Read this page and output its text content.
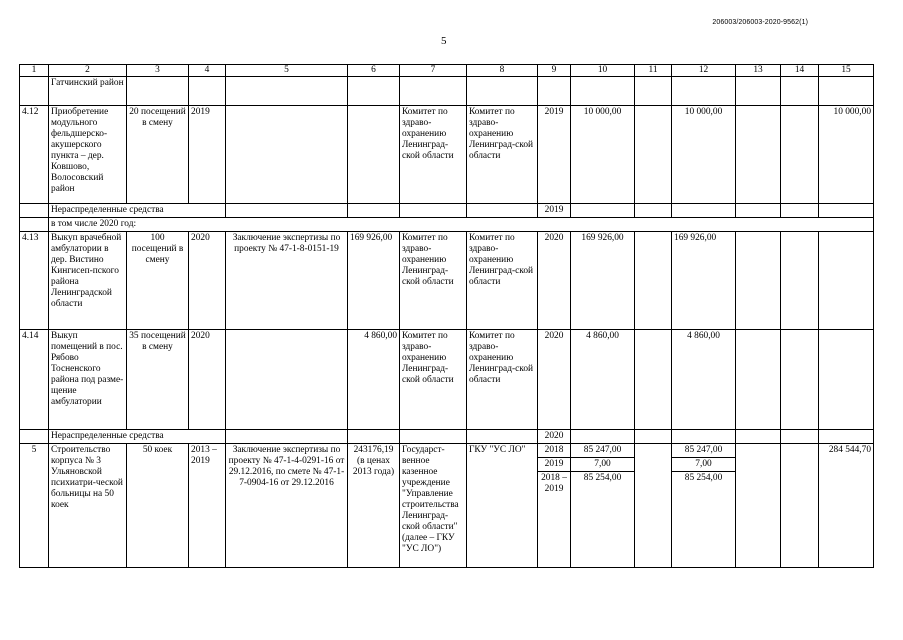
206003/206003-2020-9562(1)
5
1	2	3	4	5	6	7	8	9	10	11	12	13	14	15
	Гатчинский район													
4.12	Приобретение модульного фельдшерско-акушерского пункта – дер. Ковшово, Волосовский район	20 посещений в смену	2019			Комитет по здраво-охранению Ленинград-ской области	Комитет по здраво-охранению Ленинград-ской области	2019	10 000,00		10 000,00			10 000,00
	Нераспределенные средства							2019						
	в том числе 2020 год:													
4.13	Выкуп врачебной амбулатории в дер. Вистино Кингисеп-пского района Ленинградской области	100 посещений в смену	2020	Заключение экспертизы по проекту № 47-1-8-0151-19	169 926,00	Комитет по здраво-охранению Ленинград-ской области	Комитет по здраво-охранению Ленинград-ской области	2020	169 926,00		169 926,00			
4.14	Выкуп помещений в пос. Рябово Тосненского района под разме-щение амбулатории	35 посещений в смену	2020		4 860,00	Комитет по здраво-охранению Ленинград-ской области	Комитет по здраво-охранению Ленинград-ской области	2020	4 860,00		4 860,00			
	Нераспределенные средства							2020						
5	Строительство корпуса № 3 Ульяновской психиатри-ческой больницы на 50 коек	50 коек	2013 – 2019	Заключение экспертизы по проекту № 47-1-4-0291-16 от 29.12.2016, по смете № 47-1-7-0904-16 от 29.12.2016	243176,19 (в ценах 2013 года)	Государст-венное казенное учреждение "Управление строительства Ленинград-ской области" (далее – ГКУ "УС ЛО")	ГКУ "УС ЛО"	2018	85 247,00		85 247,00			284 544,70
								2019	7,00		7,00			
								2018 – 2019	85 254,00		85 254,00			
